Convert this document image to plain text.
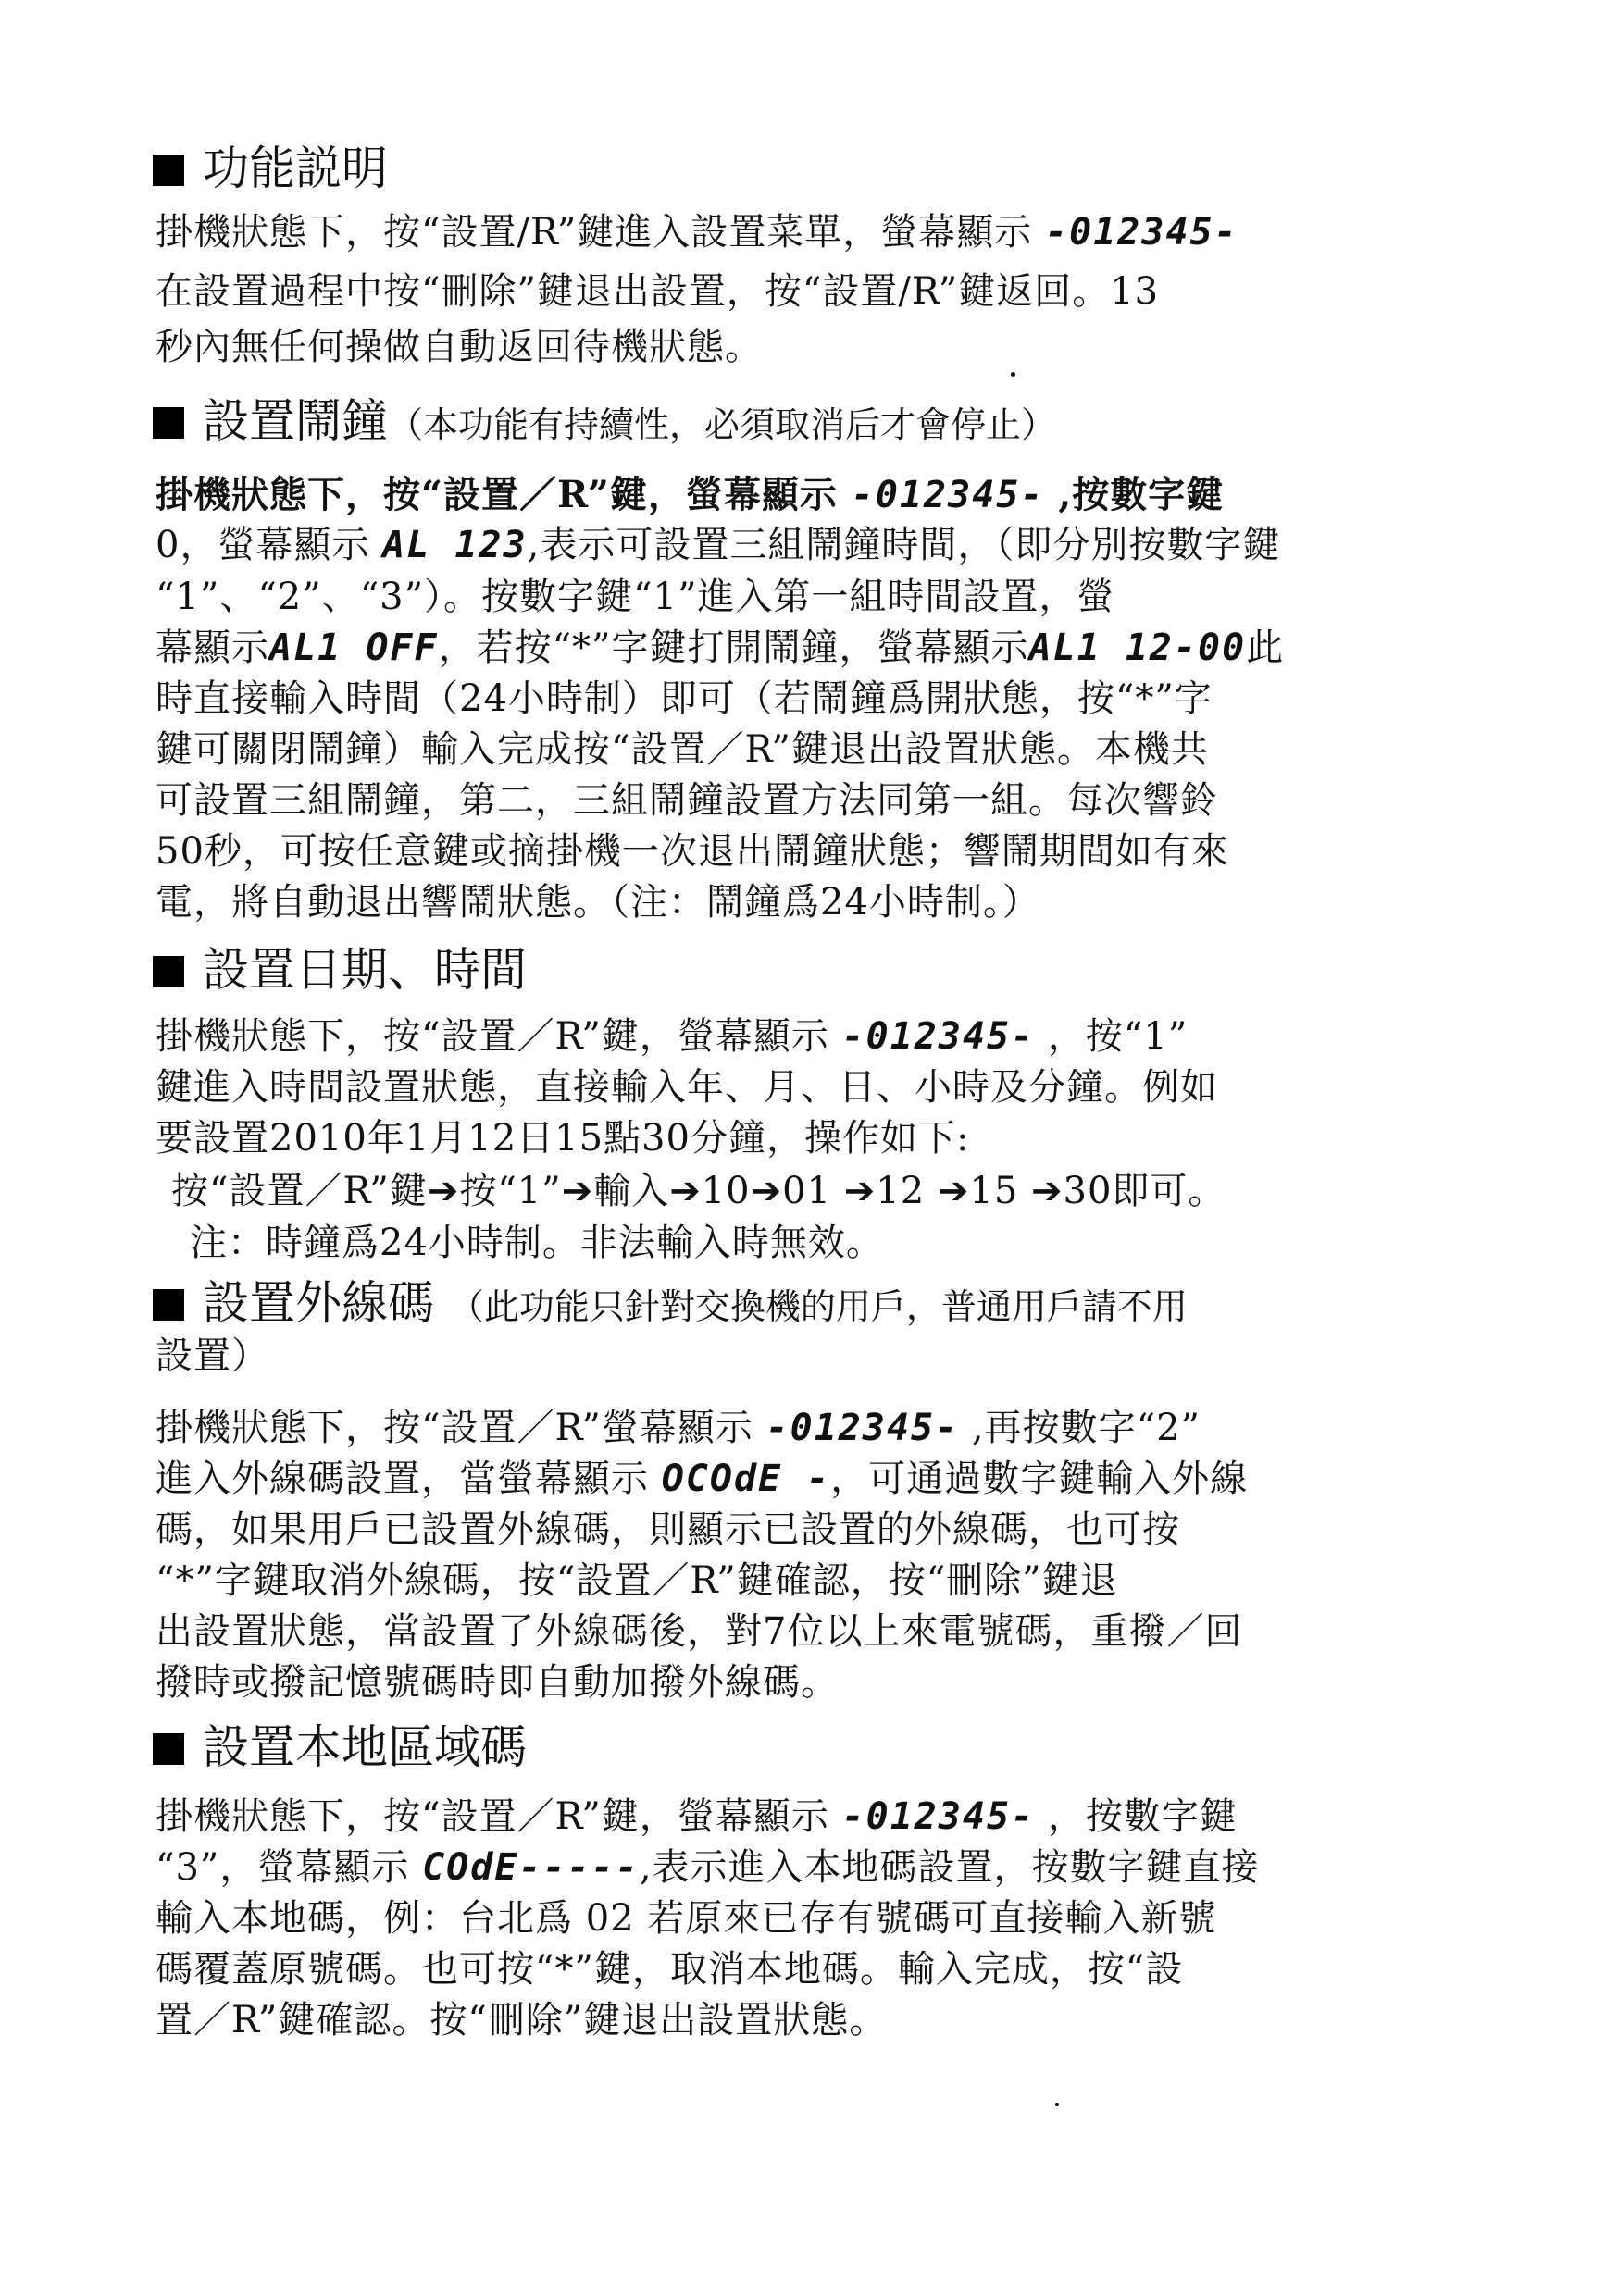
功能説明
掛機狀態下，按“設置/R”鍵進入設置菜單，螢幕顯示 -012345-
在設置過程中按“刪除”鍵退出設置，按“設置/R”鍵返回。13
秒內無任何操做自動返回待機狀態。
設置鬧鐘（本功能有持續性，必須取消后才會停止）
掛機狀態下，按“設置／R”鍵，螢幕顯示 -012345- ,按數字鍵
0，螢幕顯示 AL 123,表示可設置三組鬧鐘時間，（即分別按數字鍵
“1”、“2”、“3”）。按數字鍵“1”進入第一組時間設置，螢
幕顯示AL1 OFF，若按“*”字鍵打開鬧鐘，螢幕顯示AL1 12-00此
時直接輸入時間（24小時制）即可（若鬧鐘爲開狀態，按“*”字
鍵可關閉鬧鐘）輸入完成按“設置／R”鍵退出設置狀態。本機共
可設置三組鬧鐘，第二，三組鬧鐘設置方法同第一組。每次響鈴
50秒，可按任意鍵或摘掛機一次退出鬧鐘狀態；響鬧期間如有來
電，將自動退出響鬧狀態。（注：鬧鐘爲24小時制。）
設置日期、時間
掛機狀態下，按“設置／R”鍵，螢幕顯示 -012345- ，按“1”
鍵進入時間設置狀態，直接輸入年、月、日、小時及分鐘。例如
要設置2010年1月12日15點30分鐘，操作如下:
按“設置／R”鍵➔按“1”➔輸入➔10➔01 ➔12 ➔15 ➔30即可。
注：時鐘爲24小時制。非法輸入時無效。
設置外線碼 （此功能只針對交換機的用戶，普通用戶請不用
設置）
掛機狀態下，按“設置／R”螢幕顯示 -012345- ,再按數字“2”
進入外線碼設置，當螢幕顯示 OCOdE -，可通過數字鍵輸入外線
碼，如果用戶已設置外線碼，則顯示已設置的外線碼，也可按
“*”字鍵取消外線碼，按“設置／R”鍵確認，按“刪除”鍵退
出設置狀態，當設置了外線碼後，對7位以上來電號碼，重撥／回
撥時或撥記憶號碼時即自動加撥外線碼。
設置本地區域碼
掛機狀態下，按“設置／R”鍵，螢幕顯示 -012345- ，按數字鍵
“3”，螢幕顯示 COdE-----,表示進入本地碼設置，按數字鍵直接
輸入本地碼，例：台北爲 02 若原來已存有號碼可直接輸入新號
碼覆蓋原號碼。也可按“*”鍵，取消本地碼。輸入完成，按“設
置／R”鍵確認。按“刪除”鍵退出設置狀態。
